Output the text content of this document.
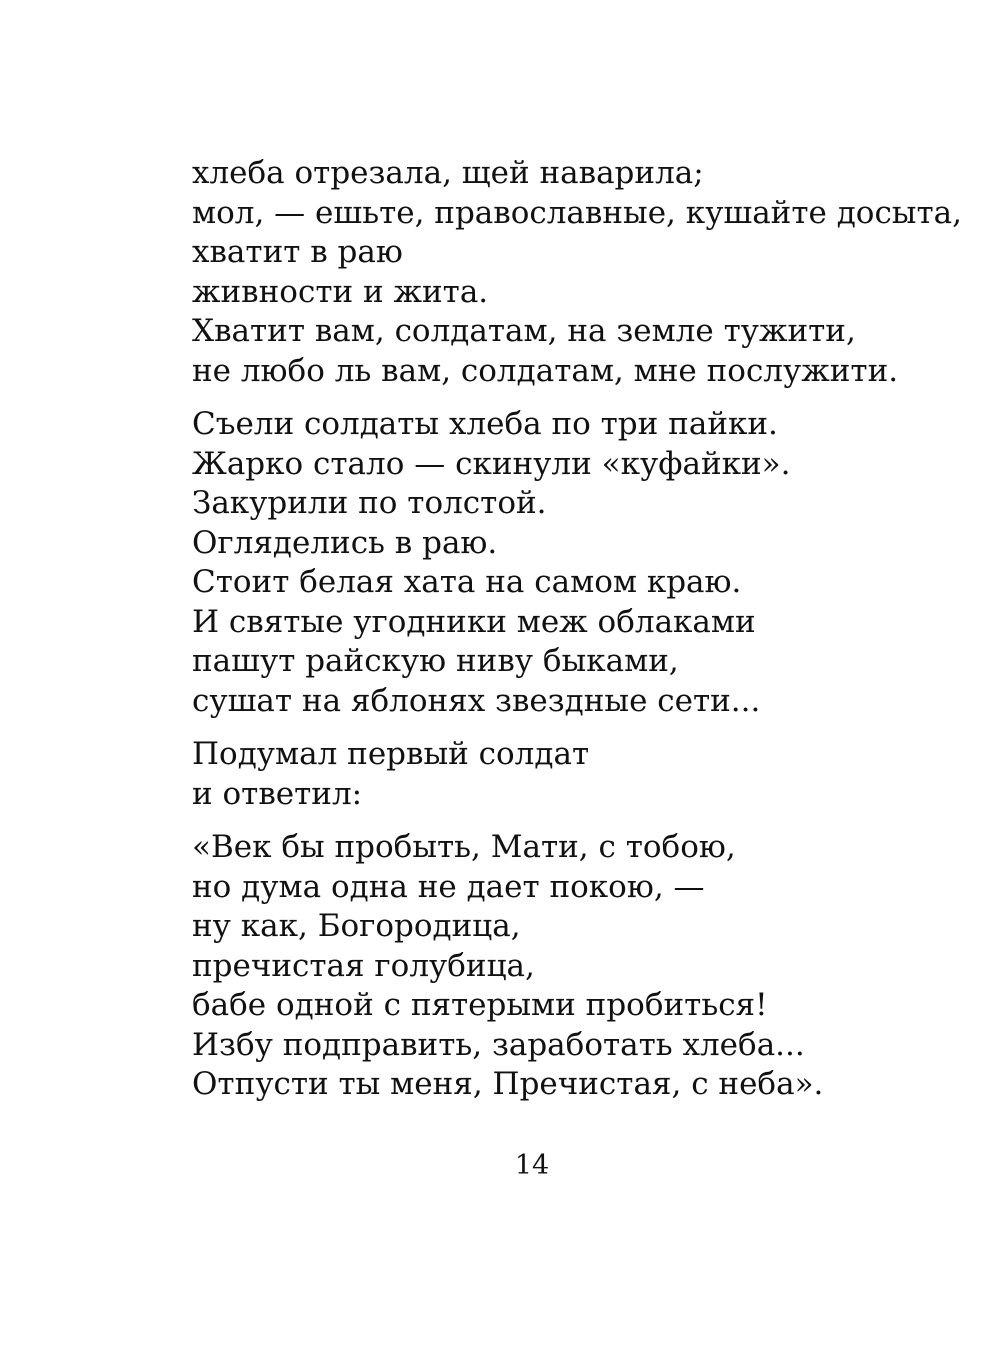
хлеба отрезала, щей наварила;
мол, — ешьте, православные, кушайте досыта,
хватит в раю
живности и жита.
Хватит вам, солдатам, на земле тужити,
не любо ль вам, солдатам, мне послужити.
Съели солдаты хлеба по три пайки.
Жарко стало — скинули «куфайки».
Закурили по толстой.
Огляделись в раю.
Стоит белая хата на самом краю.
И святые угодники меж облаками
пашут райскую ниву быками,
сушат на яблонях звездные сети...
Подумал первый солдат
и ответил:
«Век бы пробыть, Мати, с тобою,
но дума одна не дает покою, —
ну как, Богородица,
пречистая голубица,
бабе одной с пятерыми пробиться!
Избу подправить, заработать хлеба...
Отпусти ты меня, Пречистая, с неба».
14
